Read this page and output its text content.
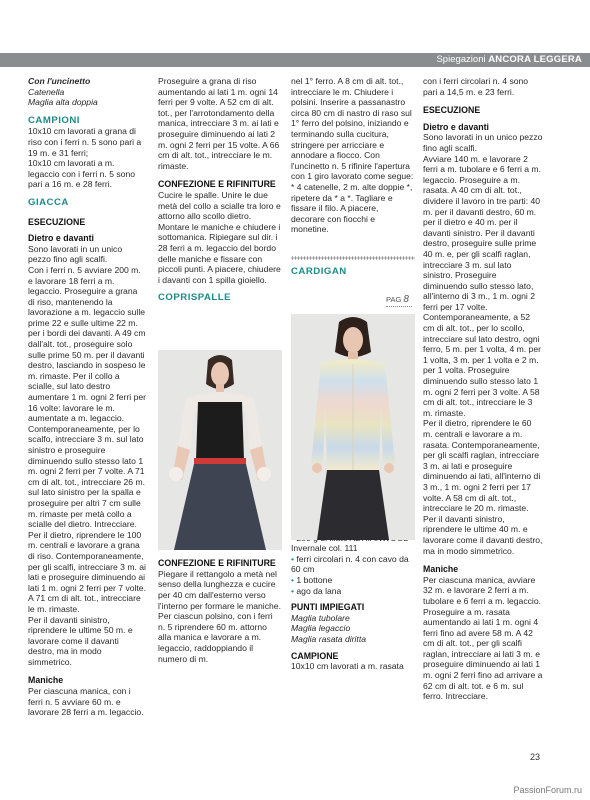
Spiegazioni ANCORA LEGGERA

Con l'uncinetto

Catenella

Maglia alta doppia

CAMPIONI

10x10 cm lavorati a grana di riso con i ferri n. 5 sono pari a 19 m. e 31 ferri;

10x10 cm lavorati a m. legaccio con i ferri n. 5 sono pari a 16 m. e 28 ferri.

GIACCA

ESECUZIONE

Dietro e davanti

Sono lavorati in un unico pezzo fino agli scalfi.

Con i ferri n. 5 avviare 200 m. e lavorare 18 ferri a m. legaccio. Proseguire a grana di riso, mantenendo la lavorazione a m. legaccio sulle prime 22 e sulle ultime 22 m. per i bordi dei davanti. A 49 cm dall'alt. tot., proseguire solo sulle prime 50 m. per il davanti destro, lasciando in sospeso le m. rimaste. Per il collo a scialle, sul lato destro aumentare 1 m. ogni 2 ferri per 16 volte: lavorare le m. aumentate a m. legaccio. Contemporaneamente, per lo scalfo, intrecciare 3 m. sul lato sinistro e proseguire diminuendo sullo stesso lato 1 m. ogni 2 ferri per 7 volte. A 71 cm di alt. tot., intrecciare 26 m. sul lato sinistro per la spalla e proseguire per altri 7 cm sulle m. rimaste per metà collo a scialle del dietro. Intrecciare. Per il dietro, riprendere le 100 m. centrali e lavorare a grana di riso. Contemporaneamente, per gli scalfi, intrecciare 3 m. ai lati e proseguire diminuendo ai lati 1 m. ogni 2 ferri per 7 volte. A 71 cm di alt. tot., intrecciare le m. rimaste.

Per il davanti sinistro, riprendere le ultime 50 m. e lavorare come il davanti destro, ma in modo simmetrico.

Maniche

Per ciascuna manica, con i ferri n. 5 avviare 60 m. e lavorare 28 ferri a m. legaccio.

Proseguire a grana di riso aumentando ai lati 1 m. ogni 14 ferri per 9 volte. A 52 cm di alt. tot., per l'arrotondamento della manica, intrecciare 3 m. ai lati e proseguire diminuendo ai lati 2 m. ogni 2 ferri per 15 volte. A 66 cm di alt. tot., intrecciare le m. rimaste.

CONFEZIONE E RIFINITURE

Cucire le spalle. Unire le due metà del collo a scialle tra loro e attorno allo scollo dietro. Montare le maniche e chiudere i sottomanica. Ripiegare sul dir. i 28 ferri a m. legaccio del bordo delle maniche e fissare con piccoli punti. A piacere, chiudere i davanti con 1 spilla gioiello.

COPRISPALLE

CONFEZIONE E RIFINITURE

Piegare il rettangolo a metà nel senso della lunghezza e cucire per 40 cm dall'esterno verso l'interno per formare le maniche. Per ciascun polsino, con i ferri n. 5 riprendere 60 m. attorno alla manica e lavorare a m. legaccio, raddoppiando il numero di m.

nel 1° ferro. A 8 cm di alt. tot., intrecciare le m. Chiudere i polsini. Inserire a passanastro circa 80 cm di nastro di raso sul 1° ferro del polsino, iniziando e terminando sulla cucitura, stringere per arricciare e annodare a fiocco. Con l'uncinetto n. 5 rifinire l'apertura con 1 giro lavorato come segue: * 4 catenelle, 2 m. alte doppie *, ripetere da * a *. Tagliare e fissare il filo. A piacere, decorare con fiocchi e monetine.

CARDIGAN

Invernale col. 111

• ferri circolari n. 4 con cavo da 60 cm

• 1 bottone

• ago da lana

PUNTI IMPIEGATI

Maglia tubolare

Maglia legaccio

Maglia rasata diritta

CAMPIONE

10x10 cm lavorati a m. rasata

PAG 8

con i ferri circolari n. 4 sono pari a 14,5 m. e 23 ferri.

ESECUZIONE

Dietro e davanti

Sono lavorati in un unico pezzo fino agli scalfi.

Avviare 140 m. e lavorare 2 ferri a m. tubolare e 6 ferri a m. legaccio. Proseguire a m. rasata. A 40 cm di alt. tot., dividere il lavoro in tre parti: 40 m. per il davanti destro, 60 m. per il dietro e 40 m. per il davanti sinistro. Per il davanti destro, proseguire sulle prime 40 m. e, per gli scalfi raglan, intrecciare 3 m. sul lato sinistro. Proseguire diminuendo sullo stesso lato, all'interno di 3 m., 1 m. ogni 2 ferri per 17 volte. Contemporaneamente, a 52 cm di alt. tot., per lo scollo, intrecciare sul lato destro, ogni ferro, 5 m. per 1 volta, 4 m. per 1 volta, 3 m. per 1 volta e 2 m. per 1 volta. Proseguire diminuendo sullo stesso lato 1 m. ogni 2 ferri per 3 volte. A 58 cm di alt. tot., intrecciare le 3 m. rimaste.

Per il dietro, riprendere le 60 m. centrali e lavorare a m. rasata. Contemporaneamente, per gli scalfi raglan, intrecciare 3 m. ai lati e proseguire diminuendo ai lati, all'interno di 3 m., 1 m. ogni 2 ferri per 17 volte. A 58 cm di alt. tot., intrecciare le 20 m. rimaste.

Per il davanti sinistro, riprendere le ultime 40 m. e lavorare come il davanti destro, ma in modo simmetrico.

Maniche

Per ciascuna manica, avviare 32 m. e lavorare 2 ferri a m. tubolare e 6 ferri a m. legaccio. Proseguire a m. rasata aumentando ai lati 1 m. ogni 4 ferri fino ad avere 58 m. A 42 cm di alt. tot., per gli scalfi raglan, intrecciare ai lati 3 m. e proseguire diminuendo ai lati 1 m. ogni 2 ferri fino ad arrivare a 62 cm di alt. tot. e 6 m. sul ferro. Intrecciare.

23
PassionForum.ru
